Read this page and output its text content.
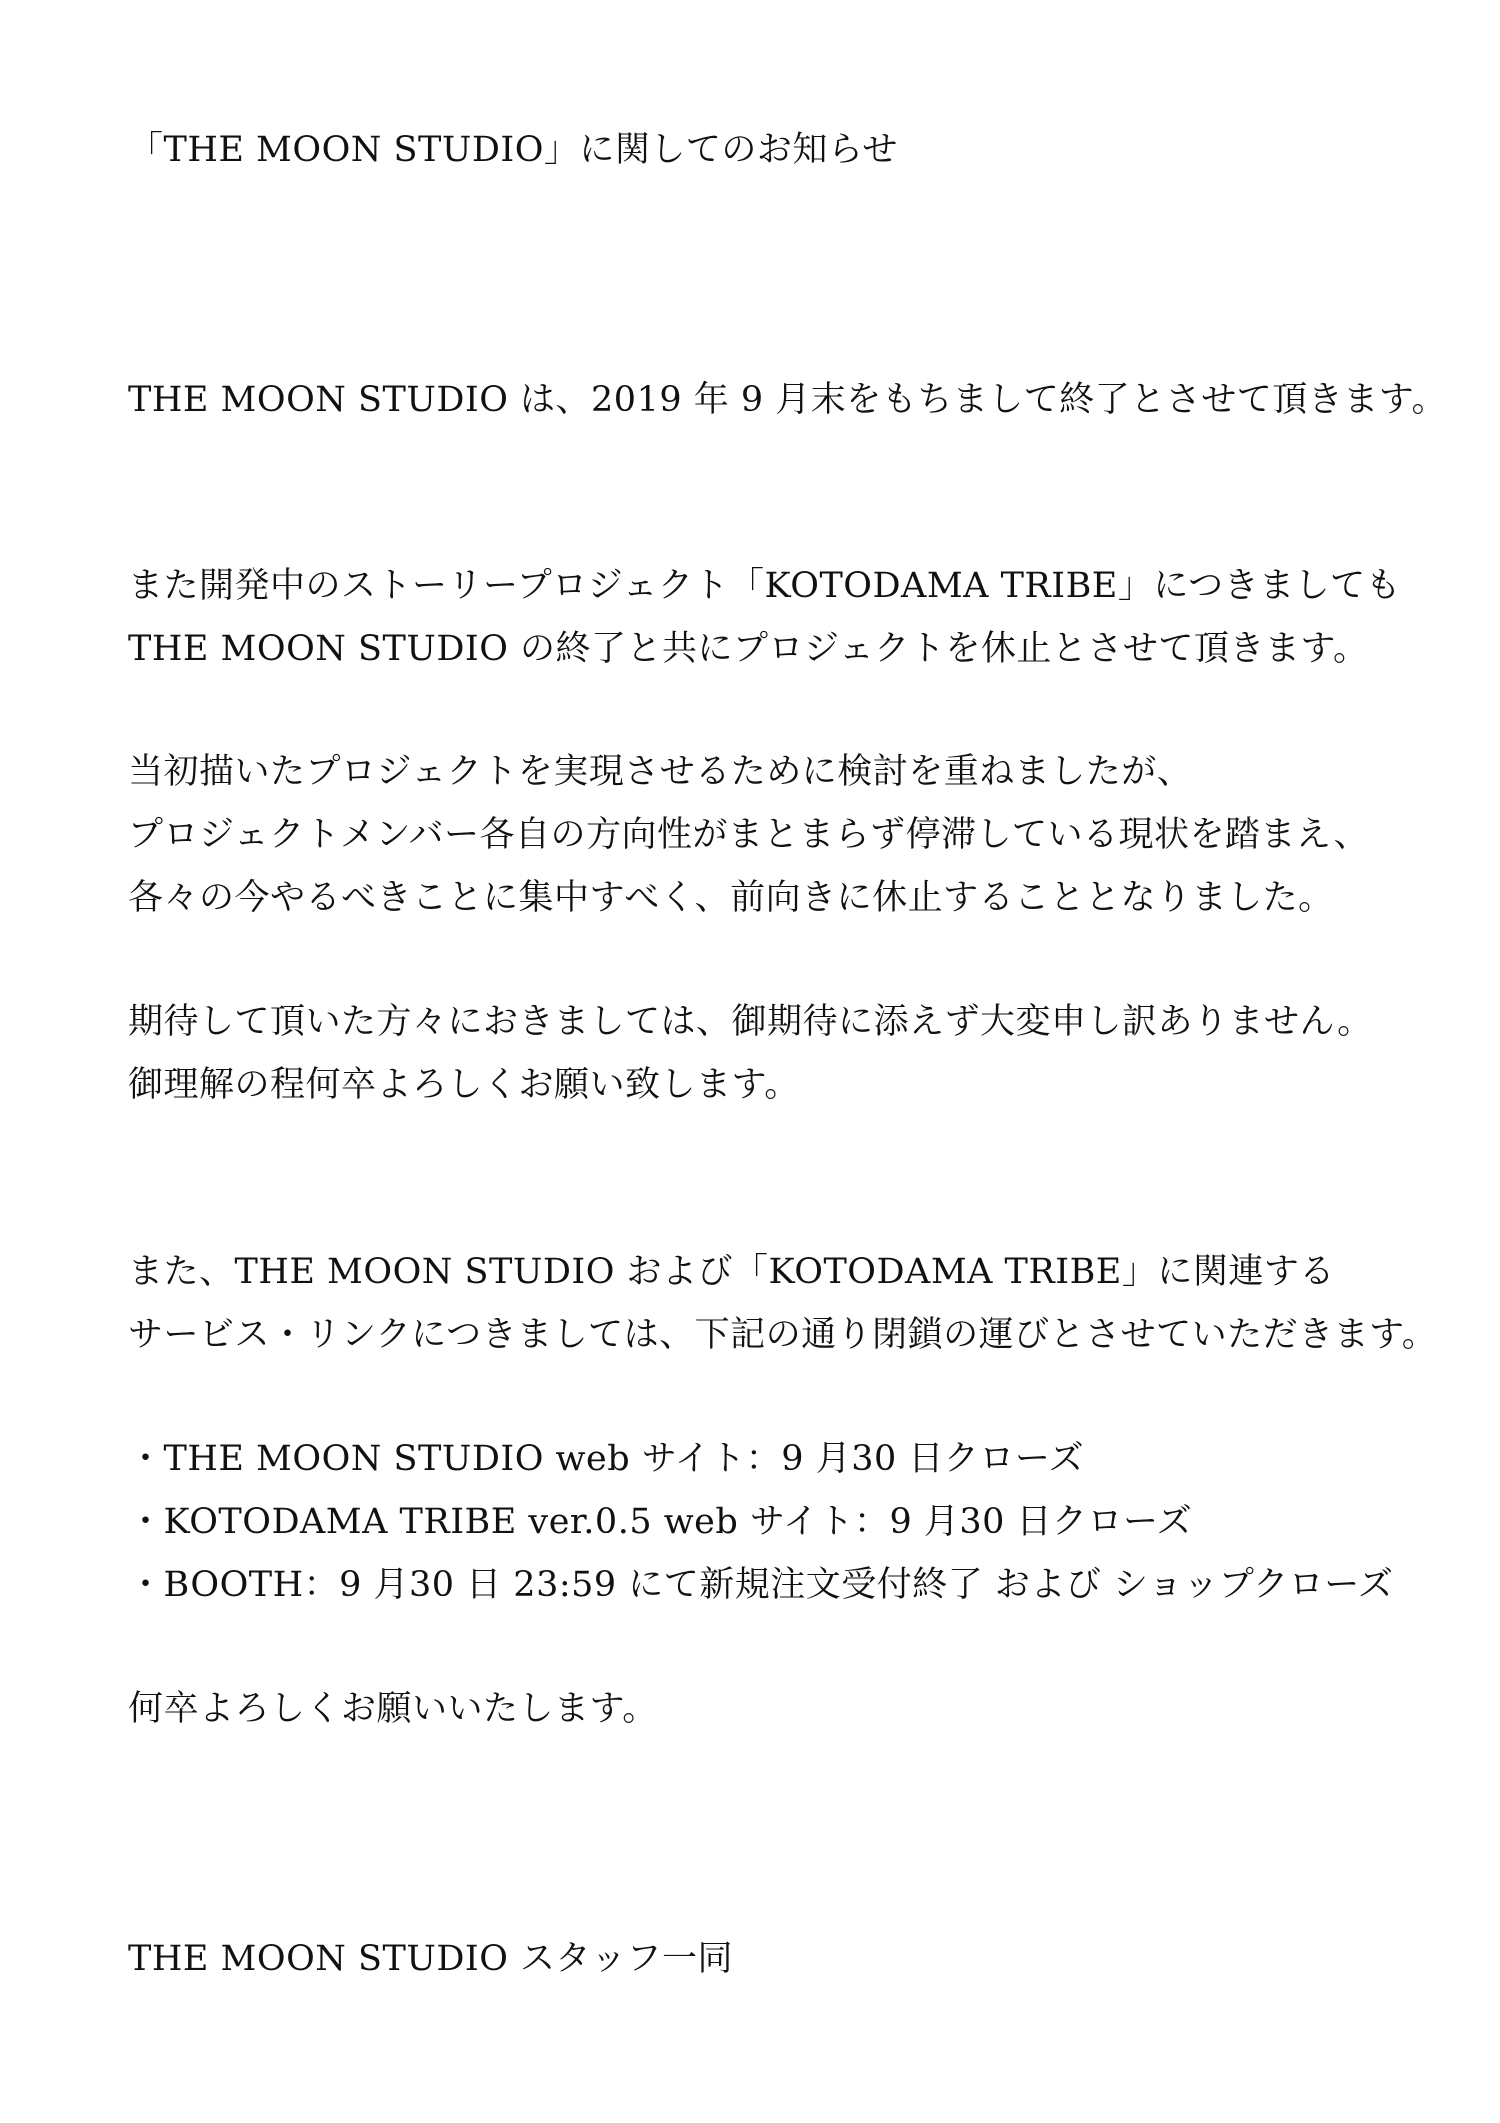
「THE MOON STUDIO」に関してのお知らせ

THE MOON STUDIO は、2019 年 9 月末をもちまして終了とさせて頂きます。

また開発中のストーリープロジェクト「KOTODAMA TRIBE」につきましても

THE MOON STUDIO の終了と共にプロジェクトを休止とさせて頂きます。

当初描いたプロジェクトを実現させるために検討を重ねましたが、

プロジェクトメンバー各自の方向性がまとまらず停滞している現状を踏まえ、

各々の今やるべきことに集中すべく、前向きに休止することとなりました。

期待して頂いた方々におきましては、御期待に添えず大変申し訳ありません。

御理解の程何卒よろしくお願い致します。

また、THE MOON STUDIO および「KOTODAMA TRIBE」に関連する

サービス・リンクにつきましては、下記の通り閉鎖の運びとさせていただきます。

・THE MOON STUDIO web サイト：9 月30 日クローズ

・KOTODAMA TRIBE ver.0.5 web サイト：9 月30 日クローズ

・BOOTH：9 月30 日 23:59 にて新規注文受付終了 および ショップクローズ

何卒よろしくお願いいたします。

THE MOON STUDIO スタッフ一同
